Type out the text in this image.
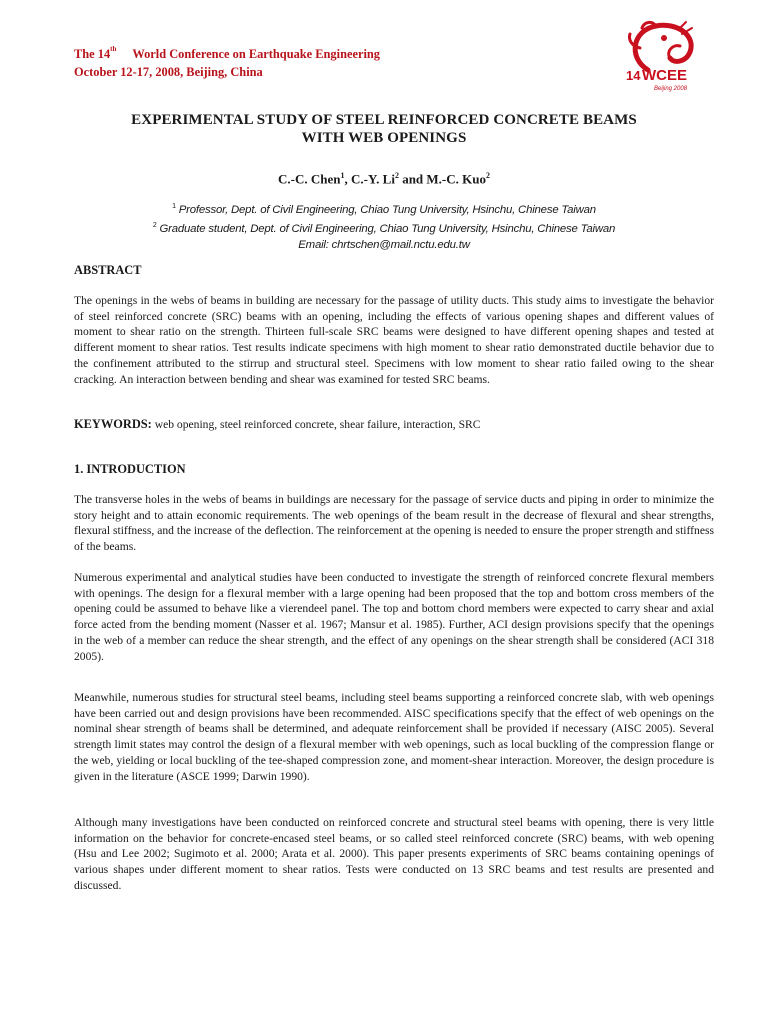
The 14th World Conference on Earthquake Engineering
October 12-17, 2008, Beijing, China	14 WCEE
Beijing 2008
EXPERIMENTAL STUDY OF STEEL REINFORCED CONCRETE BEAMS
WITH WEB OPENINGS
C.-C. Chen$^1$, C.-Y. Li$^2$ and M.-C. Kuo$^2$
$^1$ Professor, Dept. of Civil Engineering, Chiao Tung University, Hsinchu, Chinese Taiwan
$^2$ Graduate student, Dept. of Civil Engineering, Chiao Tung University, Hsinchu, Chinese Taiwan
Email: chrtschen@mail.nctu.edu.tw
ABSTRACT
The openings in the webs of beams in building are necessary for the passage of utility ducts. This study aims to investigate the behavior of steel reinforced concrete (SRC) beams with an opening, including the effects of various opening shapes and different values of moment to shear ratio on the strength. Thirteen full-scale SRC beams were designed to have different opening shapes and tested at different moment to shear ratios. Test results indicate specimens with high moment to shear ratio demonstrated ductile behavior due to the confinement attributed to the stirrup and structural steel. Specimens with low moment to shear ratio failed owing to the shear cracking. An interaction between bending and shear was examined for tested SRC beams.
KEYWORDS: web opening, steel reinforced concrete, shear failure, interaction, SRC
1. INTRODUCTION
The transverse holes in the webs of beams in buildings are necessary for the passage of service ducts and piping in order to minimize the story height and to attain economic requirements. The web openings of the beam result in the decrease of flexural and shear strengths, flexural stiffness, and the increase of the deflection. The reinforcement at the opening is needed to ensure the proper strength and stiffness of the beams.
Numerous experimental and analytical studies have been conducted to investigate the strength of reinforced concrete flexural members with openings. The design for a flexural member with a large opening had been proposed that the top and bottom cross members of the opening could be assumed to behave like a vierendeel panel. The top and bottom chord members were expected to carry shear and axial force acted from the bending moment (Nasser et al. 1967; Mansur et al. 1985). Further, ACI design provisions specify that the openings in the web of a member can reduce the shear strength, and the effect of any openings on the shear strength shall be considered (ACI 318 2005).
Meanwhile, numerous studies for structural steel beams, including steel beams supporting a reinforced concrete slab, with web openings have been carried out and design provisions have been recommended. AISC specifications specify that the effect of web openings on the nominal shear strength of beams shall be determined, and adequate reinforcement shall be provided if necessary (AISC 2005). Several strength limit states may control the design of a flexural member with web openings, such as local buckling of the compression flange or the web, yielding or local buckling of the tee-shaped compression zone, and moment-shear interaction. Moreover, the design procedure is given in the literature (ASCE 1999; Darwin 1990).
Although many investigations have been conducted on reinforced concrete and structural steel beams with opening, there is very little information on the behavior for concrete-encased steel beams, or so called steel reinforced concrete (SRC) beams, with web opening (Hsu and Lee 2002; Sugimoto et al. 2000; Arata et al. 2000). This paper presents experiments of SRC beams containing openings of various shapes under different moment to shear ratios. Tests were conducted on 13 SRC beams and test results are presented and discussed.
